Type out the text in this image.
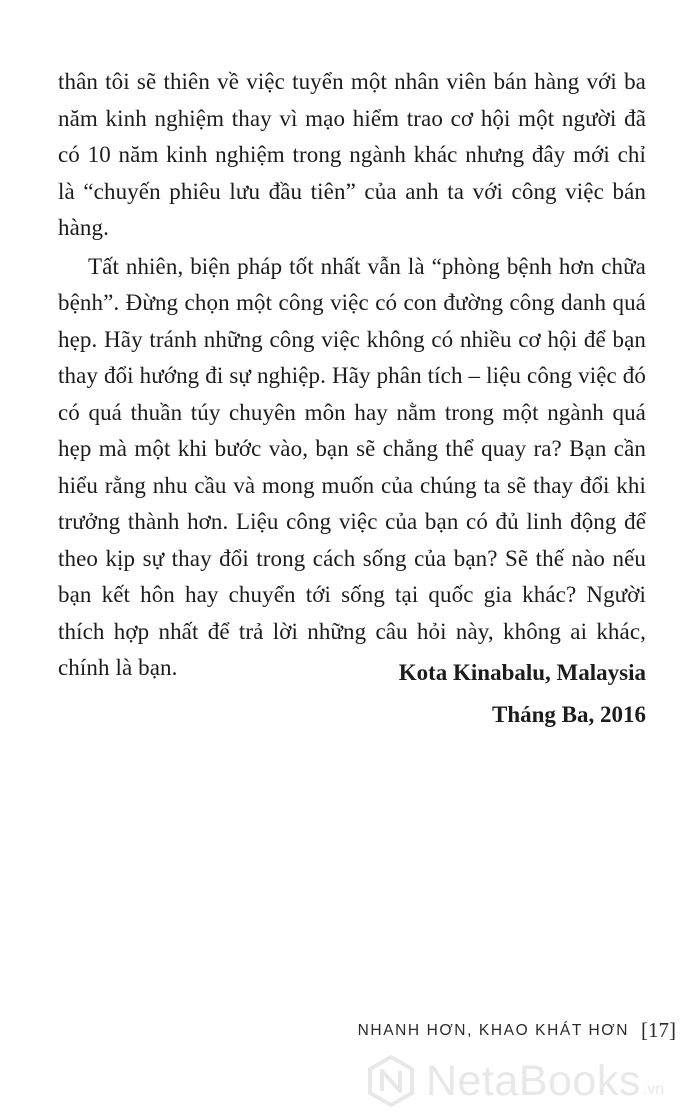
thân tôi sẽ thiên về việc tuyển một nhân viên bán hàng với ba năm kinh nghiệm thay vì mạo hiểm trao cơ hội một người đã có 10 năm kinh nghiệm trong ngành khác nhưng đây mới chỉ là “chuyến phiêu lưu đầu tiên” của anh ta với công việc bán hàng.

Tất nhiên, biện pháp tốt nhất vẫn là “phòng bệnh hơn chữa bệnh”. Đừng chọn một công việc có con đường công danh quá hẹp. Hãy tránh những công việc không có nhiều cơ hội để bạn thay đổi hướng đi sự nghiệp. Hãy phân tích – liệu công việc đó có quá thuần túy chuyên môn hay nằm trong một ngành quá hẹp mà một khi bước vào, bạn sẽ chẳng thể quay ra? Bạn cần hiểu rằng nhu cầu và mong muốn của chúng ta sẽ thay đổi khi trưởng thành hơn. Liệu công việc của bạn có đủ linh động để theo kịp sự thay đổi trong cách sống của bạn? Sẽ thế nào nếu bạn kết hôn hay chuyển tới sống tại quốc gia khác? Người thích hợp nhất để trả lời những câu hỏi này, không ai khác, chính là bạn.	Kota Kinabalu, Malaysia
Tháng Ba, 2016
NHANH HƠN, KHAO KHÁT HƠN [17]
NetaBooks .vn
